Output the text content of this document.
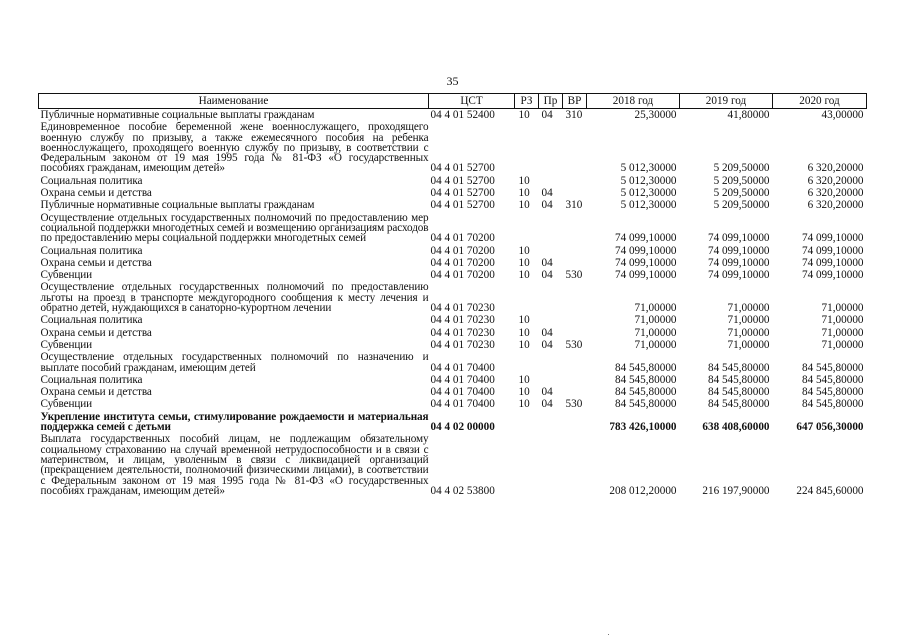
35
Наименование	ЦСТ	РЗ	Пр	ВР	2018 год	2019 год	2020 год

Публичные нормативные социальные выплаты гражданам	04 4 01 52400	10	04	310	25,30000	41,80000	43,00000

Единовременное пособие беременной жене военнослужащего, проходящего военную службу по призыву, а также ежемесячного пособия на ребенка военнослужащего, проходящего военную службу по призыву, в соответствии с Федеральным законом от 19 мая 1995 года № 81-ФЗ «О государственных пособиях гражданам, имеющим детей»	04 4 01 52700				5 012,30000	5 209,50000	6 320,20000

Социальная политика	04 4 01 52700	10			5 012,30000	5 209,50000	6 320,20000

Охрана семьи и детства	04 4 01 52700	10	04		5 012,30000	5 209,50000	6 320,20000

Публичные нормативные социальные выплаты гражданам	04 4 01 52700	10	04	310	5 012,30000	5 209,50000	6 320,20000

Осуществление отдельных государственных полномочий по предоставлению мер социальной поддержки многодетных семей и возмещению организациям расходов по предоставлению меры социальной поддержки многодетных семей	04 4 01 70200				74 099,10000	74 099,10000	74 099,10000

Социальная политика	04 4 01 70200	10			74 099,10000	74 099,10000	74 099,10000

Охрана семьи и детства	04 4 01 70200	10	04		74 099,10000	74 099,10000	74 099,10000

Субвенции	04 4 01 70200	10	04	530	74 099,10000	74 099,10000	74 099,10000

Осуществление отдельных государственных полномочий по предоставлению льготы на проезд в транспорте междугородного сообщения к месту лечения и обратно детей, нуждающихся в санаторно-курортном лечении	04 4 01 70230				71,00000	71,00000	71,00000

Социальная политика	04 4 01 70230	10			71,00000	71,00000	71,00000

Охрана семьи и детства	04 4 01 70230	10	04		71,00000	71,00000	71,00000

Субвенции	04 4 01 70230	10	04	530	71,00000	71,00000	71,00000

Осуществление отдельных государственных полномочий по назначению и выплате пособий гражданам, имеющим детей	04 4 01 70400				84 545,80000	84 545,80000	84 545,80000

Социальная политика	04 4 01 70400	10			84 545,80000	84 545,80000	84 545,80000

Охрана семьи и детства	04 4 01 70400	10	04		84 545,80000	84 545,80000	84 545,80000

Субвенции	04 4 01 70400	10	04	530	84 545,80000	84 545,80000	84 545,80000

Укрепление института семьи, стимулирование рождаемости и материальная поддержка семей с детьми	04 4 02 00000				783 426,10000	638 408,60000	647 056,30000

Выплата государственных пособий лицам, не подлежащим обязательному социальному страхованию на случай временной нетрудоспособности и в связи с материнством, и лицам, уволенным в связи с ликвидацией организаций (прекращением деятельности, полномочий физическими лицами), в соответствии с Федеральным законом от 19 мая 1995 года № 81-ФЗ «О государственных пособиях гражданам, имеющим детей»	04 4 02 53800				208 012,20000	216 197,90000	224 845,60000
